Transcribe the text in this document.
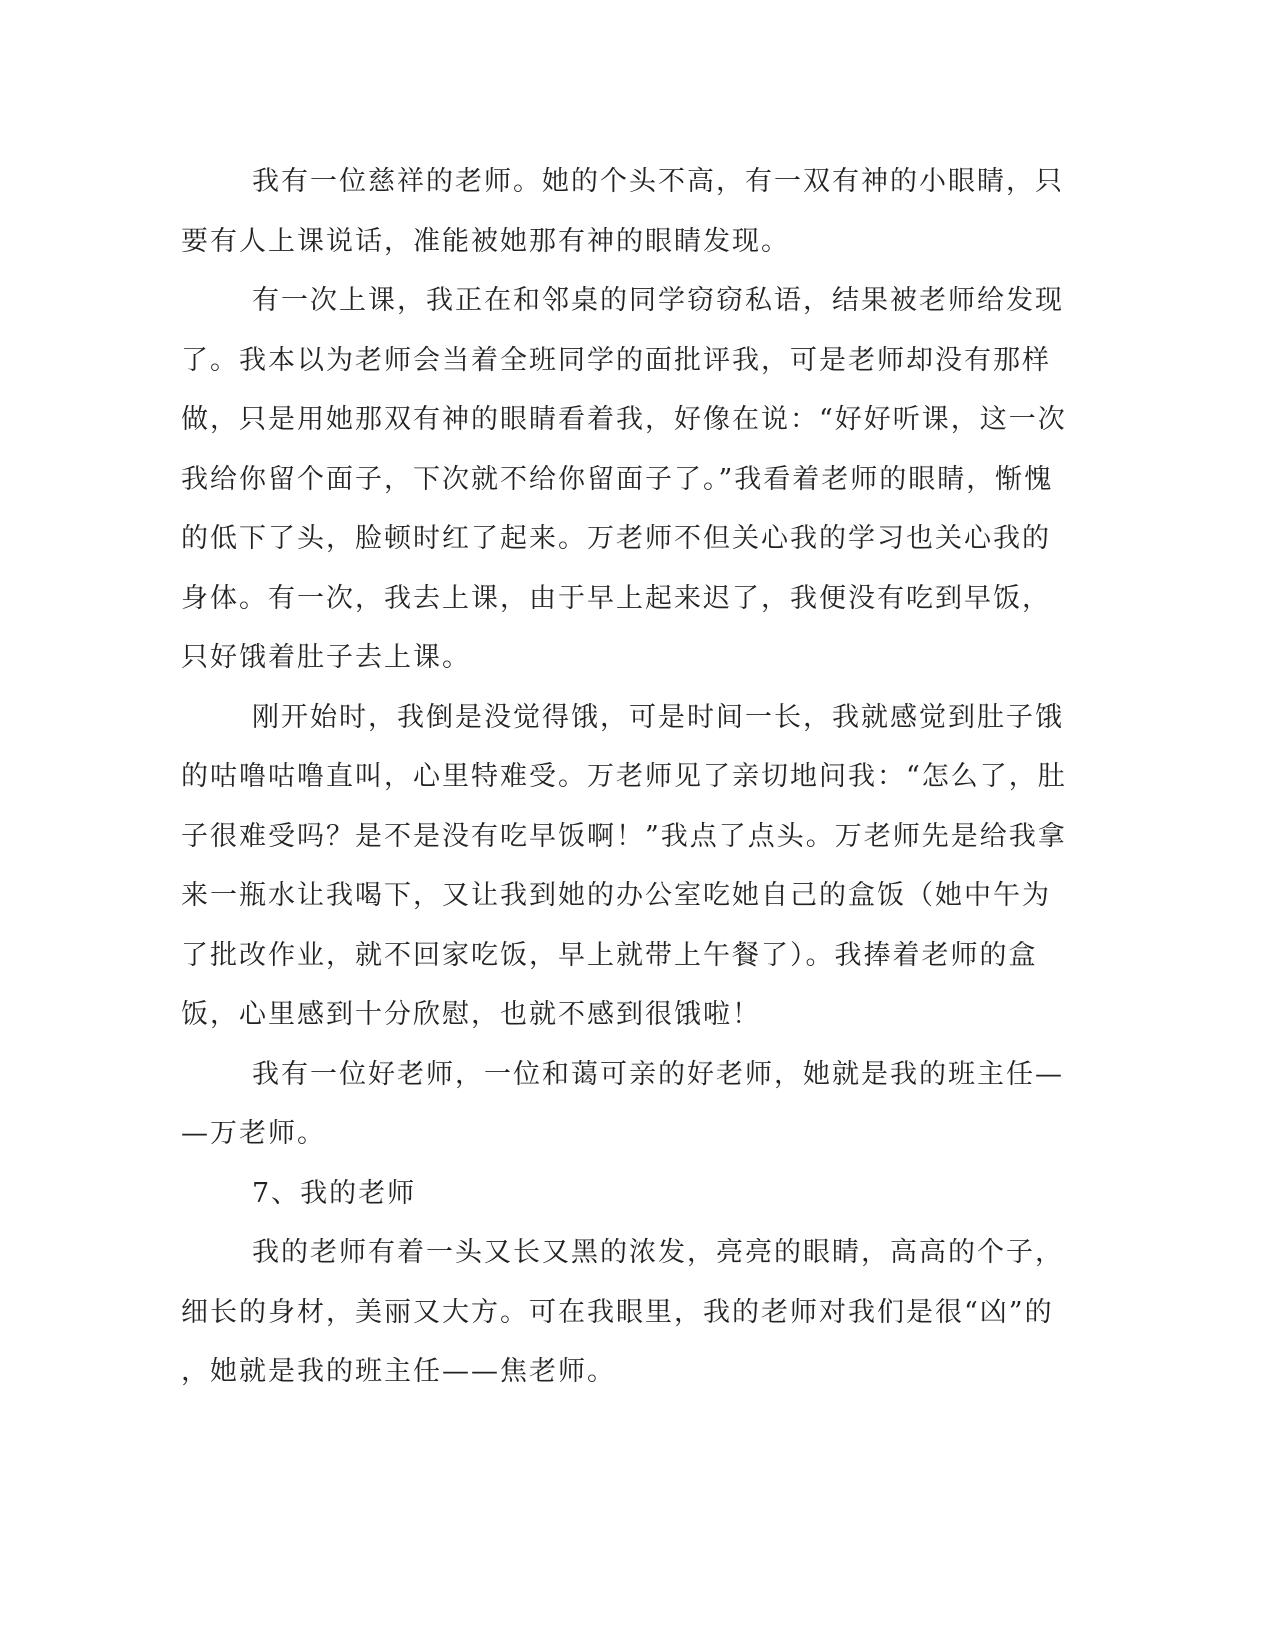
我有一位慈祥的老师。她的个头不高，有一双有神的小眼睛，只
要有人上课说话，准能被她那有神的眼睛发现。
有一次上课，我正在和邻桌的同学窃窃私语，结果被老师给发现
了。我本以为老师会当着全班同学的面批评我，可是老师却没有那样
做，只是用她那双有神的眼睛看着我，好像在说：“好好听课，这一次
我给你留个面子，下次就不给你留面子了。”我看着老师的眼睛，惭愧
的低下了头，脸顿时红了起来。万老师不但关心我的学习也关心我的
身体。有一次，我去上课，由于早上起来迟了，我便没有吃到早饭，
只好饿着肚子去上课。
刚开始时，我倒是没觉得饿，可是时间一长，我就感觉到肚子饿
的咕噜咕噜直叫，心里特难受。万老师见了亲切地问我：“怎么了，肚
子很难受吗？是不是没有吃早饭啊！”我点了点头。万老师先是给我拿
来一瓶水让我喝下，又让我到她的办公室吃她自己的盒饭（她中午为
了批改作业，就不回家吃饭，早上就带上午餐了）。我捧着老师的盒
饭，心里感到十分欣慰，也就不感到很饿啦！
我有一位好老师，一位和蔼可亲的好老师，她就是我的班主任—
—万老师。
7、我的老师
我的老师有着一头又长又黑的浓发，亮亮的眼睛，高高的个子，
细长的身材，美丽又大方。可在我眼里，我的老师对我们是很“凶”的
，她就是我的班主任——焦老师。
